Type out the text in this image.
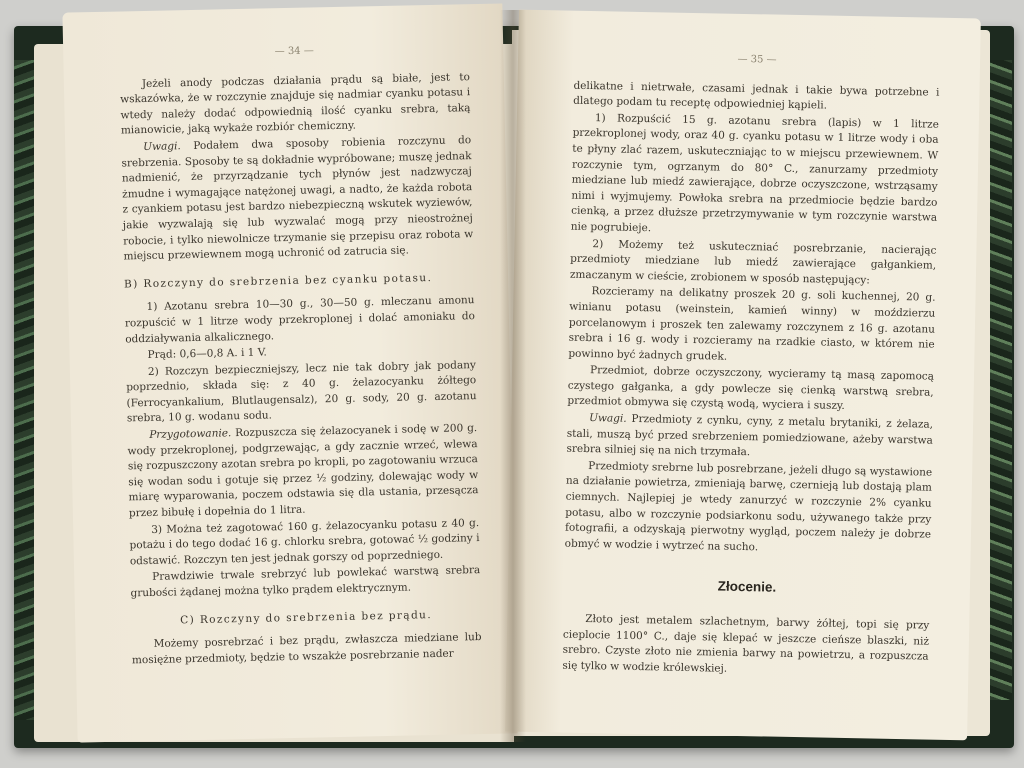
— 34 —

Jeżeli anody podczas działania prądu są białe, jest to wskazówka, że w rozczynie znajduje się nadmiar cyanku potasu i wtedy należy dodać odpowiednią ilość cyanku srebra, taką mianowicie, jaką wykaże rozbiór chemiczny.

Uwagi. Podałem dwa sposoby robienia rozczynu do srebrzenia. Sposoby te są dokładnie wypróbowane; muszę jednak nadmienić, że przyrządzanie tych płynów jest nadzwyczaj żmudne i wymagające natężonej uwagi, a nadto, że każda robota z cyankiem potasu jest bardzo niebezpieczną wskutek wyziewów, jakie wyzwalają się lub wyzwalać mogą przy nieostrożnej robocie, i tylko niewolnicze trzymanie się przepisu oraz robota w miejscu przewiewnem mogą uchronić od zatrucia się.

B) Rozczyny do srebrzenia bez cyanku potasu.

1) Azotanu srebra 10—30 g., 30—50 g. mleczanu amonu rozpuścić w 1 litrze wody przekroplonej i dolać amoniaku do oddziaływania alkalicznego.

Prąd: 0,6—0,8 A. i 1 V.

2) Rozczyn bezpieczniejszy, lecz nie tak dobry jak podany poprzednio, składa się: z 40 g. żelazocyanku żółtego (Ferrocyankalium, Blutlaugensalz), 20 g. sody, 20 g. azotanu srebra, 10 g. wodanu sodu.

Przygotowanie. Rozpuszcza się żelazocyanek i sodę w 200 g. wody przekroplonej, podgrzewając, a gdy zacznie wrzeć, wlewa się rozpuszczony azotan srebra po kropli, po zagotowaniu wrzuca się wodan sodu i gotuje się przez ½ godziny, dolewając wody w miarę wyparowania, poczem odstawia się dla ustania, przesącza przez bibułę i dopełnia do 1 litra.

3) Można też zagotować 160 g. żelazocyanku potasu z 40 g. potażu i do tego dodać 16 g. chlorku srebra, gotować ½ godziny i odstawić. Rozczyn ten jest jednak gorszy od poprzedniego.

Prawdziwie trwale srebrzyć lub powlekać warstwą srebra grubości żądanej można tylko prądem elektrycznym.

C) Rozczyny do srebrzenia bez prądu.

Możemy posrebrzać i bez prądu, zwłaszcza miedziane lub mosiężne przedmioty, będzie to wszakże posrebrzanie nader

— 35 —

delikatne i nietrwałe, czasami jednak i takie bywa potrzebne i dlatego podam tu receptę odpowiedniej kąpieli.

1) Rozpuścić 15 g. azotanu srebra (lapis) w 1 litrze przekroplonej wody, oraz 40 g. cyanku potasu w 1 litrze wody i oba te płyny zlać razem, uskuteczniając to w miejscu przewiewnem. W rozczynie tym, ogrzanym do 80° C., zanurzamy przedmioty miedziane lub miedź zawierające, dobrze oczyszczone, wstrząsamy nimi i wyjmujemy. Powłoka srebra na przedmiocie będzie bardzo cienką, a przez dłuższe przetrzymywanie w tym rozczynie warstwa nie pogrubieje.

2) Możemy też uskuteczniać posrebrzanie, nacierając przedmioty miedziane lub miedź zawierające gałgankiem, zmaczanym w cieście, zrobionem w sposób następujący:

Rozcieramy na delikatny proszek 20 g. soli kuchennej, 20 g. winianu potasu (weinstein, kamień winny) w moździerzu porcelanowym i proszek ten zalewamy rozczynem z 16 g. azotanu srebra i 16 g. wody i rozcieramy na rzadkie ciasto, w którem nie powinno być żadnych grudek.

Przedmiot, dobrze oczyszczony, wycieramy tą masą zapomocą czystego gałganka, a gdy powlecze się cienką warstwą srebra, przedmiot obmywa się czystą wodą, wyciera i suszy.

Uwagi. Przedmioty z cynku, cyny, z metalu brytaniki, z żelaza, stali, muszą być przed srebrzeniem pomiedziowane, ażeby warstwa srebra silniej się na nich trzymała.

Przedmioty srebrne lub posrebrzane, jeżeli długo są wystawione na działanie powietrza, zmieniają barwę, czernieją lub dostają plam ciemnych. Najlepiej je wtedy zanurzyć w rozczynie 2% cyanku potasu, albo w rozczynie podsiarkonu sodu, używanego także przy fotografii, a odzyskają pierwotny wygląd, poczem należy je dobrze obmyć w wodzie i wytrzeć na sucho.

Złocenie.

Złoto jest metalem szlachetnym, barwy żółtej, topi się przy cieplocie 1100° C., daje się klepać w jeszcze cieńsze blaszki, niż srebro. Czyste złoto nie zmienia barwy na powietrzu, a rozpuszcza się tylko w wodzie królewskiej.
